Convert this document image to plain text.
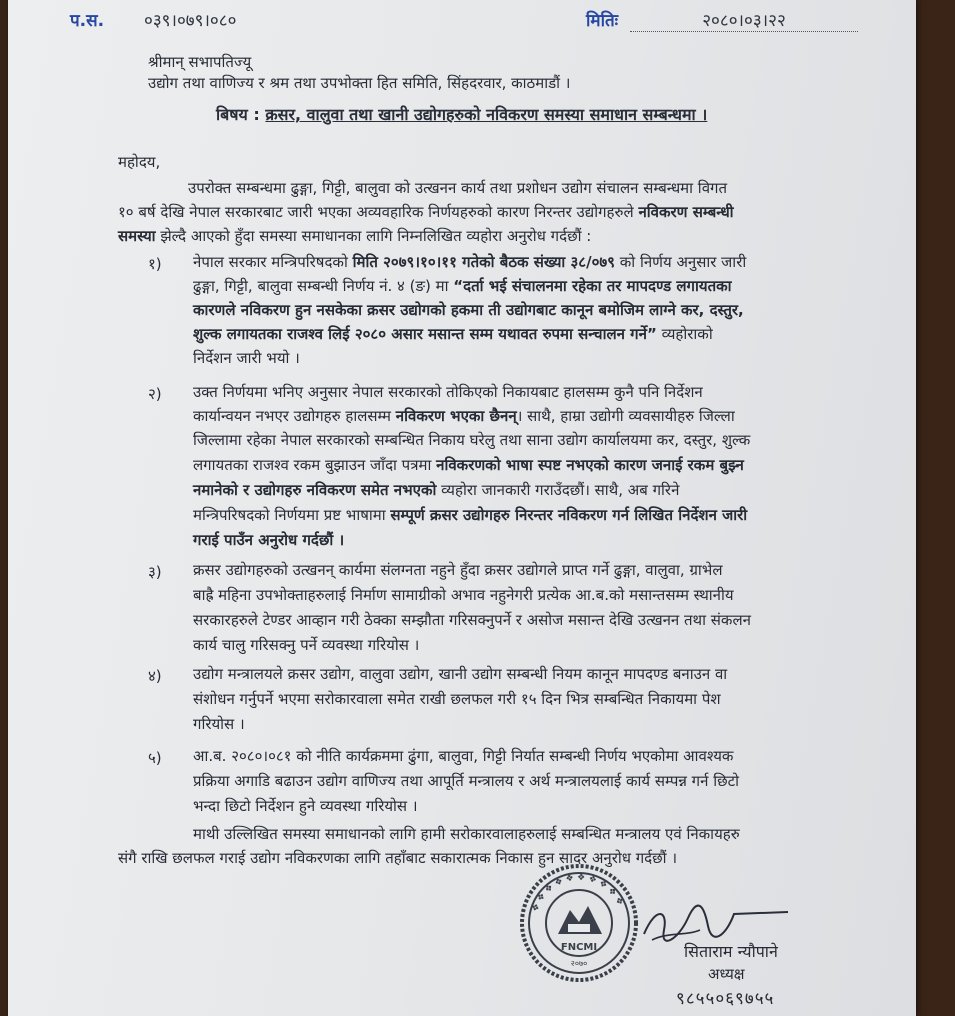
प.स. ०३९।०७९।०८०	मितिः	२०८०।०३।२२
श्रीमान् सभापतिज्यू
उद्योग तथा वाणिज्य र श्रम तथा उपभोक्ता हित समिति, सिंहदरवार, काठमाडौं ।
बिषय : क्रसर, वालुवा तथा खानी उद्योगहरुको नविकरण समस्या समाधान सम्बन्धमा ।
महोदय,
उपरोक्त सम्बन्धमा ढुङ्गा, गिट्टी, बालुवा को उत्खनन कार्य तथा प्रशोधन उद्योग संचालन सम्बन्धमा विगत
१० बर्ष देखि नेपाल सरकारबाट जारी भएका अव्यवहारिक निर्णयहरुको कारण निरन्तर उद्योगहरुले नविकरण सम्बन्धी
समस्या झेल्दै आएको हुँदा समस्या समाधानका लागि निम्नलिखित व्यहोरा अनुरोध गर्दछौं :
१) नेपाल सरकार मन्त्रिपरिषदको मिति २०७९।१०।११ गतेको बैठक संख्या ३८/०७९ को निर्णय अनुसार जारी
ढुङ्गा, गिट्टी, बालुवा सम्बन्धी निर्णय नं. ४ (ङ) मा “दर्ता भई संचालनमा रहेका तर मापदण्ड लगायतका
कारणले नविकरण हुन नसकेका क्रसर उद्योगको हकमा ती उद्योगबाट कानून बमोजिम लाग्ने कर, दस्तुर,
शुल्क लगायतका राजश्व लिई २०८० असार मसान्त सम्म यथावत रुपमा सन्चालन गर्ने” व्यहोराको
निर्देशन जारी भयो ।
२) उक्त निर्णयमा भनिए अनुसार नेपाल सरकारको तोकिएको निकायबाट हालसम्म कुनै पनि निर्देशन
कार्यान्वयन नभएर उद्योगहरु हालसम्म नविकरण भएका छैनन्। साथै, हाम्रा उद्योगी व्यवसायीहरु जिल्ला
जिल्लामा रहेका नेपाल सरकारको सम्बन्धित निकाय घरेलु तथा साना उद्योग कार्यालयमा कर, दस्तुर, शुल्क
लगायतका राजश्व रकम बुझाउन जाँदा पत्रमा नविकरणको भाषा स्पष्ट नभएको कारण जनाई रकम बुझ्न
नमानेको र उद्योगहरु नविकरण समेत नभएको व्यहोरा जानकारी गराउँदछौं। साथै, अब गरिने
मन्त्रिपरिषदको निर्णयमा प्रष्ट भाषामा सम्पूर्ण क्रसर उद्योगहरु निरन्तर नविकरण गर्न लिखित निर्देशन जारी
गराई पाउँन अनुरोध गर्दछौं ।
३) क्रसर उद्योगहरुको उत्खनन् कार्यमा संलग्नता नहुने हुँदा क्रसर उद्योगले प्राप्त गर्ने ढुङ्गा, वालुवा, ग्राभेल
बाह्रै महिना उपभोक्ताहरुलाई निर्माण सामाग्रीको अभाव नहुनेगरी प्रत्येक आ.ब.को मसान्तसम्म स्थानीय
सरकारहरुले टेण्डर आव्हान गरी ठेक्का सम्झौता गरिसक्नुपर्ने र असोज मसान्त देखि उत्खनन तथा संकलन
कार्य चालु गरिसक्नु पर्ने व्यवस्था गरियोस ।
४) उद्योग मन्त्रालयले क्रसर उद्योग, वालुवा उद्योग, खानी उद्योग सम्बन्धी नियम कानून मापदण्ड बनाउन वा
संशोधन गर्नुपर्ने भएमा सरोकारवाला समेत राखी छलफल गरी १५ दिन भित्र सम्बन्धित निकायमा पेश
गरियोस ।
५) आ.ब. २०८०।०८१ को नीति कार्यक्रममा ढुंगा, बालुवा, गिट्टी निर्यात सम्बन्धी निर्णय भएकोमा आवश्यक
प्रक्रिया अगाडि बढाउन उद्योग वाणिज्य तथा आपूर्ति मन्त्रालय र अर्थ मन्त्रालयलाई कार्य सम्पन्न गर्न छिटो
भन्दा छिटो निर्देशन हुने व्यवस्था गरियोस ।
माथी उल्लिखित समस्या समाधानको लागि हामी सरोकारवालाहरुलाई सम्बन्धित मन्त्रालय एवं निकायहरु
संगै राखि छलफल गराई उद्योग नविकरणका लागि तहाँबाट सकारात्मक निकास हुन सादर अनुरोध गर्दछौं ।
❖ ❖ ❖ ❖ ❖ ❖ ❖ ❖ ❖ ❖
FNCMI
२०७०
सिताराम न्यौपाने
अध्यक्ष
९८५५०६९७५५
